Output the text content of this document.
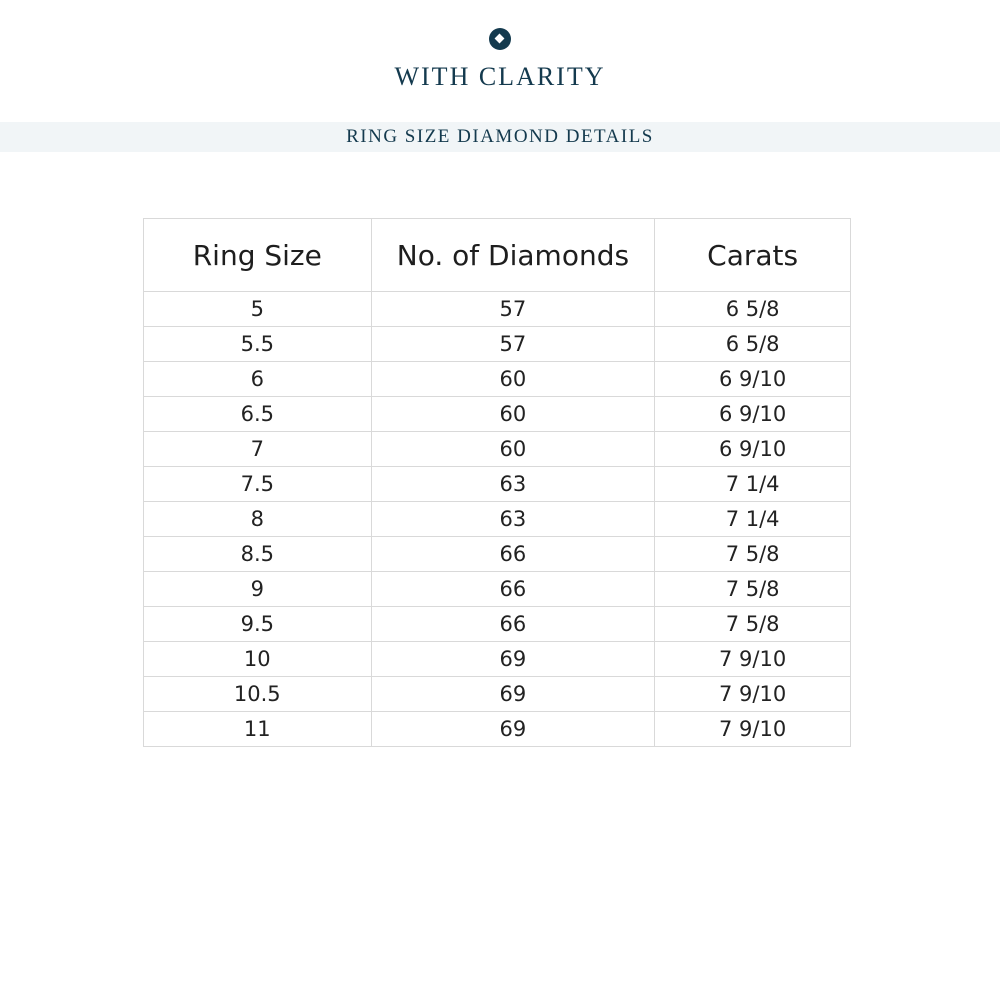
WITH CLARITY
RING SIZE DIAMOND DETAILS
Ring Size	No. of Diamonds	Carats
5	57	6 5/8
5.5	57	6 5/8
6	60	6 9/10
6.5	60	6 9/10
7	60	6 9/10
7.5	63	7 1/4
8	63	7 1/4
8.5	66	7 5/8
9	66	7 5/8
9.5	66	7 5/8
10	69	7 9/10
10.5	69	7 9/10
11	69	7 9/10
